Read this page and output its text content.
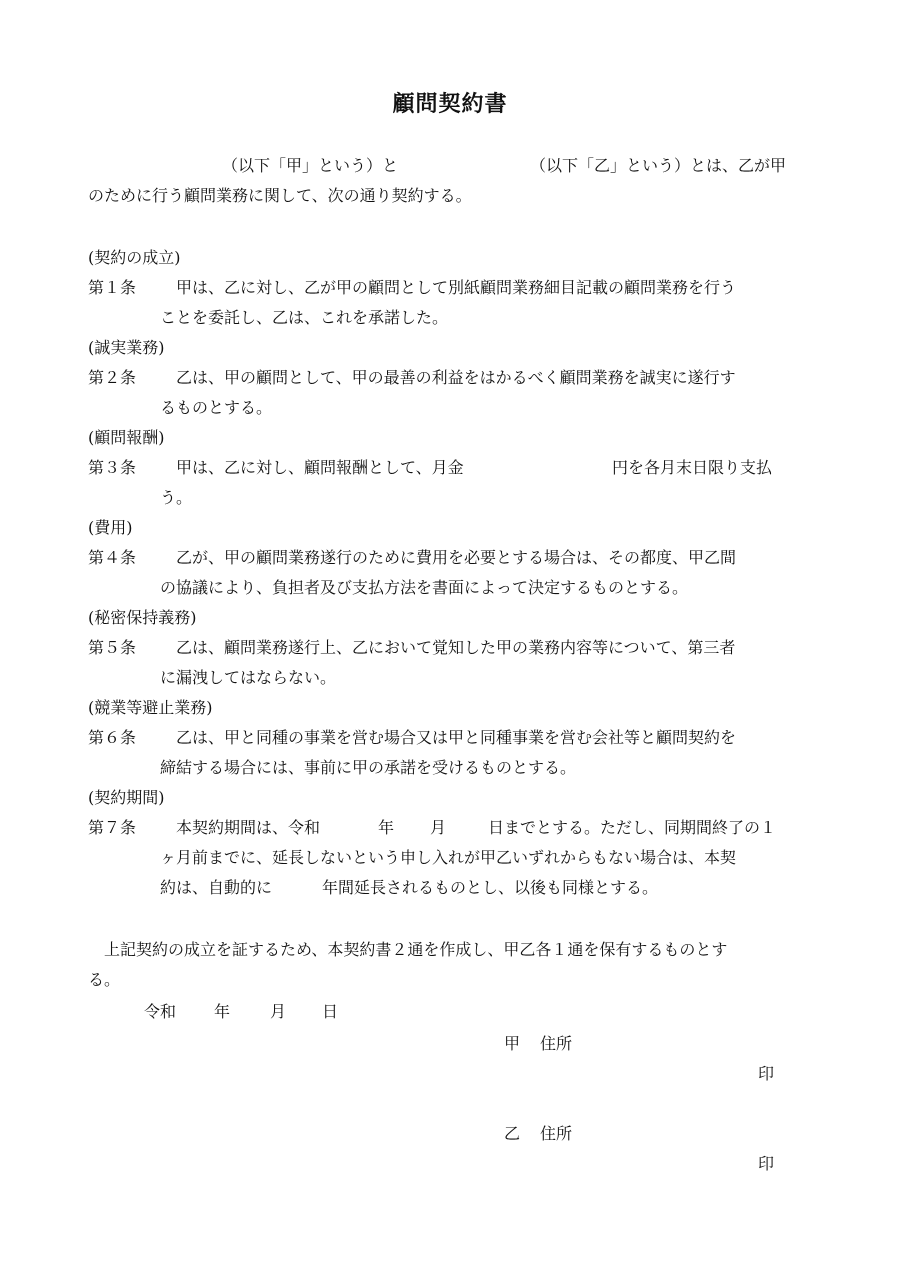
顧問契約書
（以下「甲」という）と	（以下「乙」という）とは、乙が甲
のために行う顧問業務に関して、次の通り契約する。
(契約の成立)
第１条	甲は、乙に対し、乙が甲の顧問として別紙顧問業務細目記載の顧問業務を行う
ことを委託し、乙は、これを承諾した。
(誠実業務)
第２条	乙は、甲の顧問として、甲の最善の利益をはかるべく顧問業務を誠実に遂行す
るものとする。
(顧問報酬)
第３条	甲は、乙に対し、顧問報酬として、月金	円を各月末日限り支払
う。
(費用)
第４条	乙が、甲の顧問業務遂行のために費用を必要とする場合は、その都度、甲乙間
の協議により、負担者及び支払方法を書面によって決定するものとする。
(秘密保持義務)
第５条	乙は、顧問業務遂行上、乙において覚知した甲の業務内容等について、第三者
に漏洩してはならない。
(競業等避止業務)
第６条	乙は、甲と同種の事業を営む場合又は甲と同種事業を営む会社等と顧問契約を
締結する場合には、事前に甲の承諾を受けるものとする。
(契約期間)
第７条	本契約期間は、令和	年 月	日までとする。ただし、同期間終了の１
ヶ月前までに、延長しないという申し入れが甲乙いずれからもない場合は、本契
約は、自動的に	年間延長されるものとし、以後も同様とする。
上記契約の成立を証するため、本契約書２通を作成し、甲乙各１通を保有するものとす
る。
令和 年 月 日
甲 住所
印
乙 住所
印
